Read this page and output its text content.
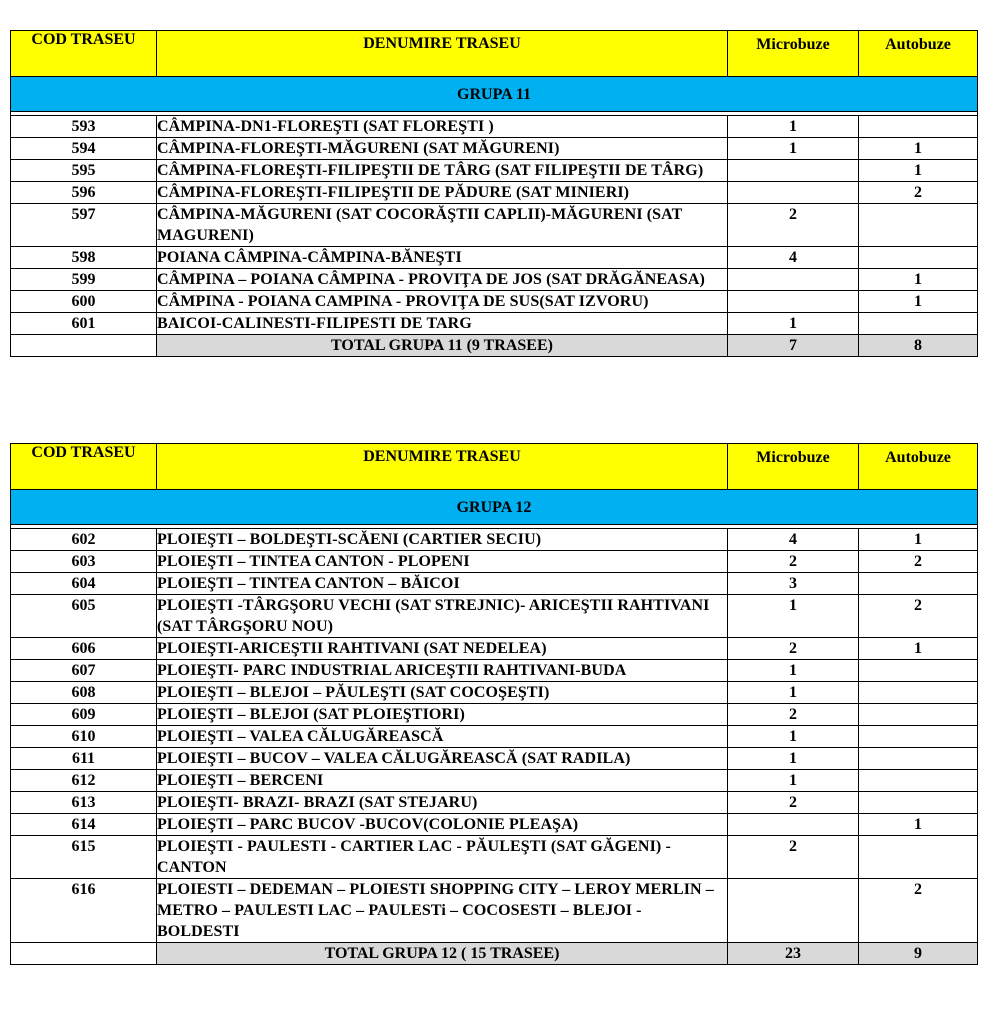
COD TRASEU	DENUMIRE TRASEU	Microbuze	Autobuze
GRUPA 11			

593	CÂMPINA-DN1-FLOREŞTI (SAT FLOREŞTI )	1	
594	CÂMPINA-FLOREŞTI-MĂGURENI (SAT MĂGURENI)	1	1
595	CÂMPINA-FLOREŞTI-FILIPEŞTII DE TÂRG (SAT FILIPEŞTII DE TÂRG)		1
596	CÂMPINA-FLOREŞTI-FILIPEŞTII DE PĂDURE (SAT MINIERI)		2
597	CÂMPINA-MĂGURENI (SAT COCORĂŞTII CAPLII)-MĂGURENI (SAT MAGURENI)	2	
598	POIANA CÂMPINA-CÂMPINA-BĂNEŞTI	4	
599	CÂMPINA – POIANA CÂMPINA - PROVIŢA DE JOS (SAT DRĂGĂNEASA)		1
600	CÂMPINA - POIANA CAMPINA - PROVIŢA DE SUS(SAT IZVORU)		1
601	BAICOI-CALINESTI-FILIPESTI DE TARG	1	
	TOTAL GRUPA 11 (9 TRASEE)	7	8
COD TRASEU	DENUMIRE TRASEU	Microbuze	Autobuze
GRUPA 12			

602	PLOIEŞTI – BOLDEŞTI-SCĂENI (CARTIER SECIU)	4	1
603	PLOIEŞTI – TINTEA CANTON - PLOPENI	2	2
604	PLOIEŞTI – TINTEA CANTON – BĂICOI	3	
605	PLOIEŞTI -TÂRGŞORU VECHI (SAT STREJNIC)- ARICEŞTII RAHTIVANI (SAT TÂRGŞORU NOU)	1	2
606	PLOIEŞTI-ARICEŞTII RAHTIVANI (SAT NEDELEA)	2	1
607	PLOIEŞTI- PARC INDUSTRIAL ARICEŞTII RAHTIVANI-BUDA	1	
608	PLOIEŞTI – BLEJOI – PĂULEŞTI (SAT COCOŞEŞTI)	1	
609	PLOIEŞTI – BLEJOI (SAT PLOIEŞTIORI)	2	
610	PLOIEŞTI – VALEA CĂLUGĂREASCĂ	1	
611	PLOIEŞTI – BUCOV – VALEA CĂLUGĂREASCĂ (SAT RADILA)	1	
612	PLOIEŞTI – BERCENI	1	
613	PLOIEŞTI- BRAZI- BRAZI (SAT STEJARU)	2	
614	PLOIEŞTI – PARC BUCOV -BUCOV(COLONIE PLEAŞA)		1
615	PLOIEŞTI - PAULESTI - CARTIER LAC - PĂULEŞTI (SAT GĂGENI) - CANTON	2	
616	PLOIESTI – DEDEMAN – PLOIESTI SHOPPING CITY – LEROY MERLIN – METRO – PAULESTI LAC – PAULESTi – COCOSESTI – BLEJOI - BOLDESTI		2
	TOTAL GRUPA 12 ( 15 TRASEE)	23	9
